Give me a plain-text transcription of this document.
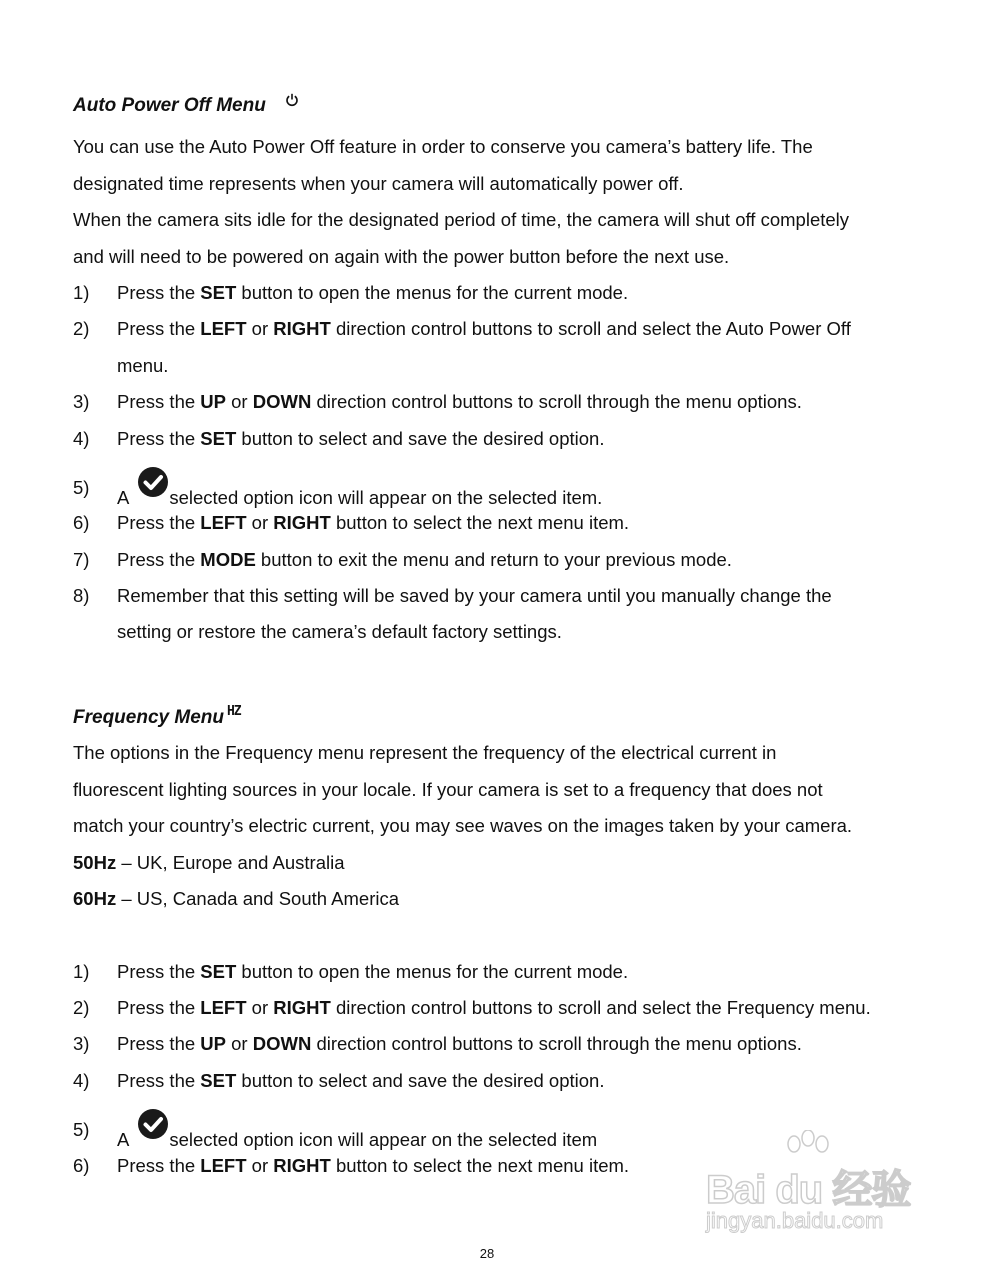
Auto Power Off Menu
You can use the Auto Power Off feature in order to conserve you camera’s battery life. The
designated time represents when your camera will automatically power off.
When the camera sits idle for the designated period of time, the camera will shut off completely
and will need to be powered on again with the power button before the next use.
1) Press the SET button to open the menus for the current mode.
2) Press the LEFT or RIGHT direction control buttons to scroll and select the Auto Power Off
menu.
3) Press the UP or DOWN direction control buttons to scroll through the menu options.
4) Press the SET button to select and save the desired option.
5) A selected option icon will appear on the selected item.
6) Press the LEFT or RIGHT button to select the next menu item.
7) Press the MODE button to exit the menu and return to your previous mode.
8) Remember that this setting will be saved by your camera until you manually change the
setting or restore the camera’s default factory settings.
Frequency Menu HZ
The options in the Frequency menu represent the frequency of the electrical current in
fluorescent lighting sources in your locale. If your camera is set to a frequency that does not
match your country’s electric current, you may see waves on the images taken by your camera.
50Hz – UK, Europe and Australia
60Hz – US, Canada and South America
1) Press the SET button to open the menus for the current mode.
2) Press the LEFT or RIGHT direction control buttons to scroll and select the Frequency menu.
3) Press the UP or DOWN direction control buttons to scroll through the menu options.
4) Press the SET button to select and save the desired option.
5) A selected option icon will appear on the selected item
6) Press the LEFT or RIGHT button to select the next menu item.
28
Bai du 经验
jingyan.baidu.com
